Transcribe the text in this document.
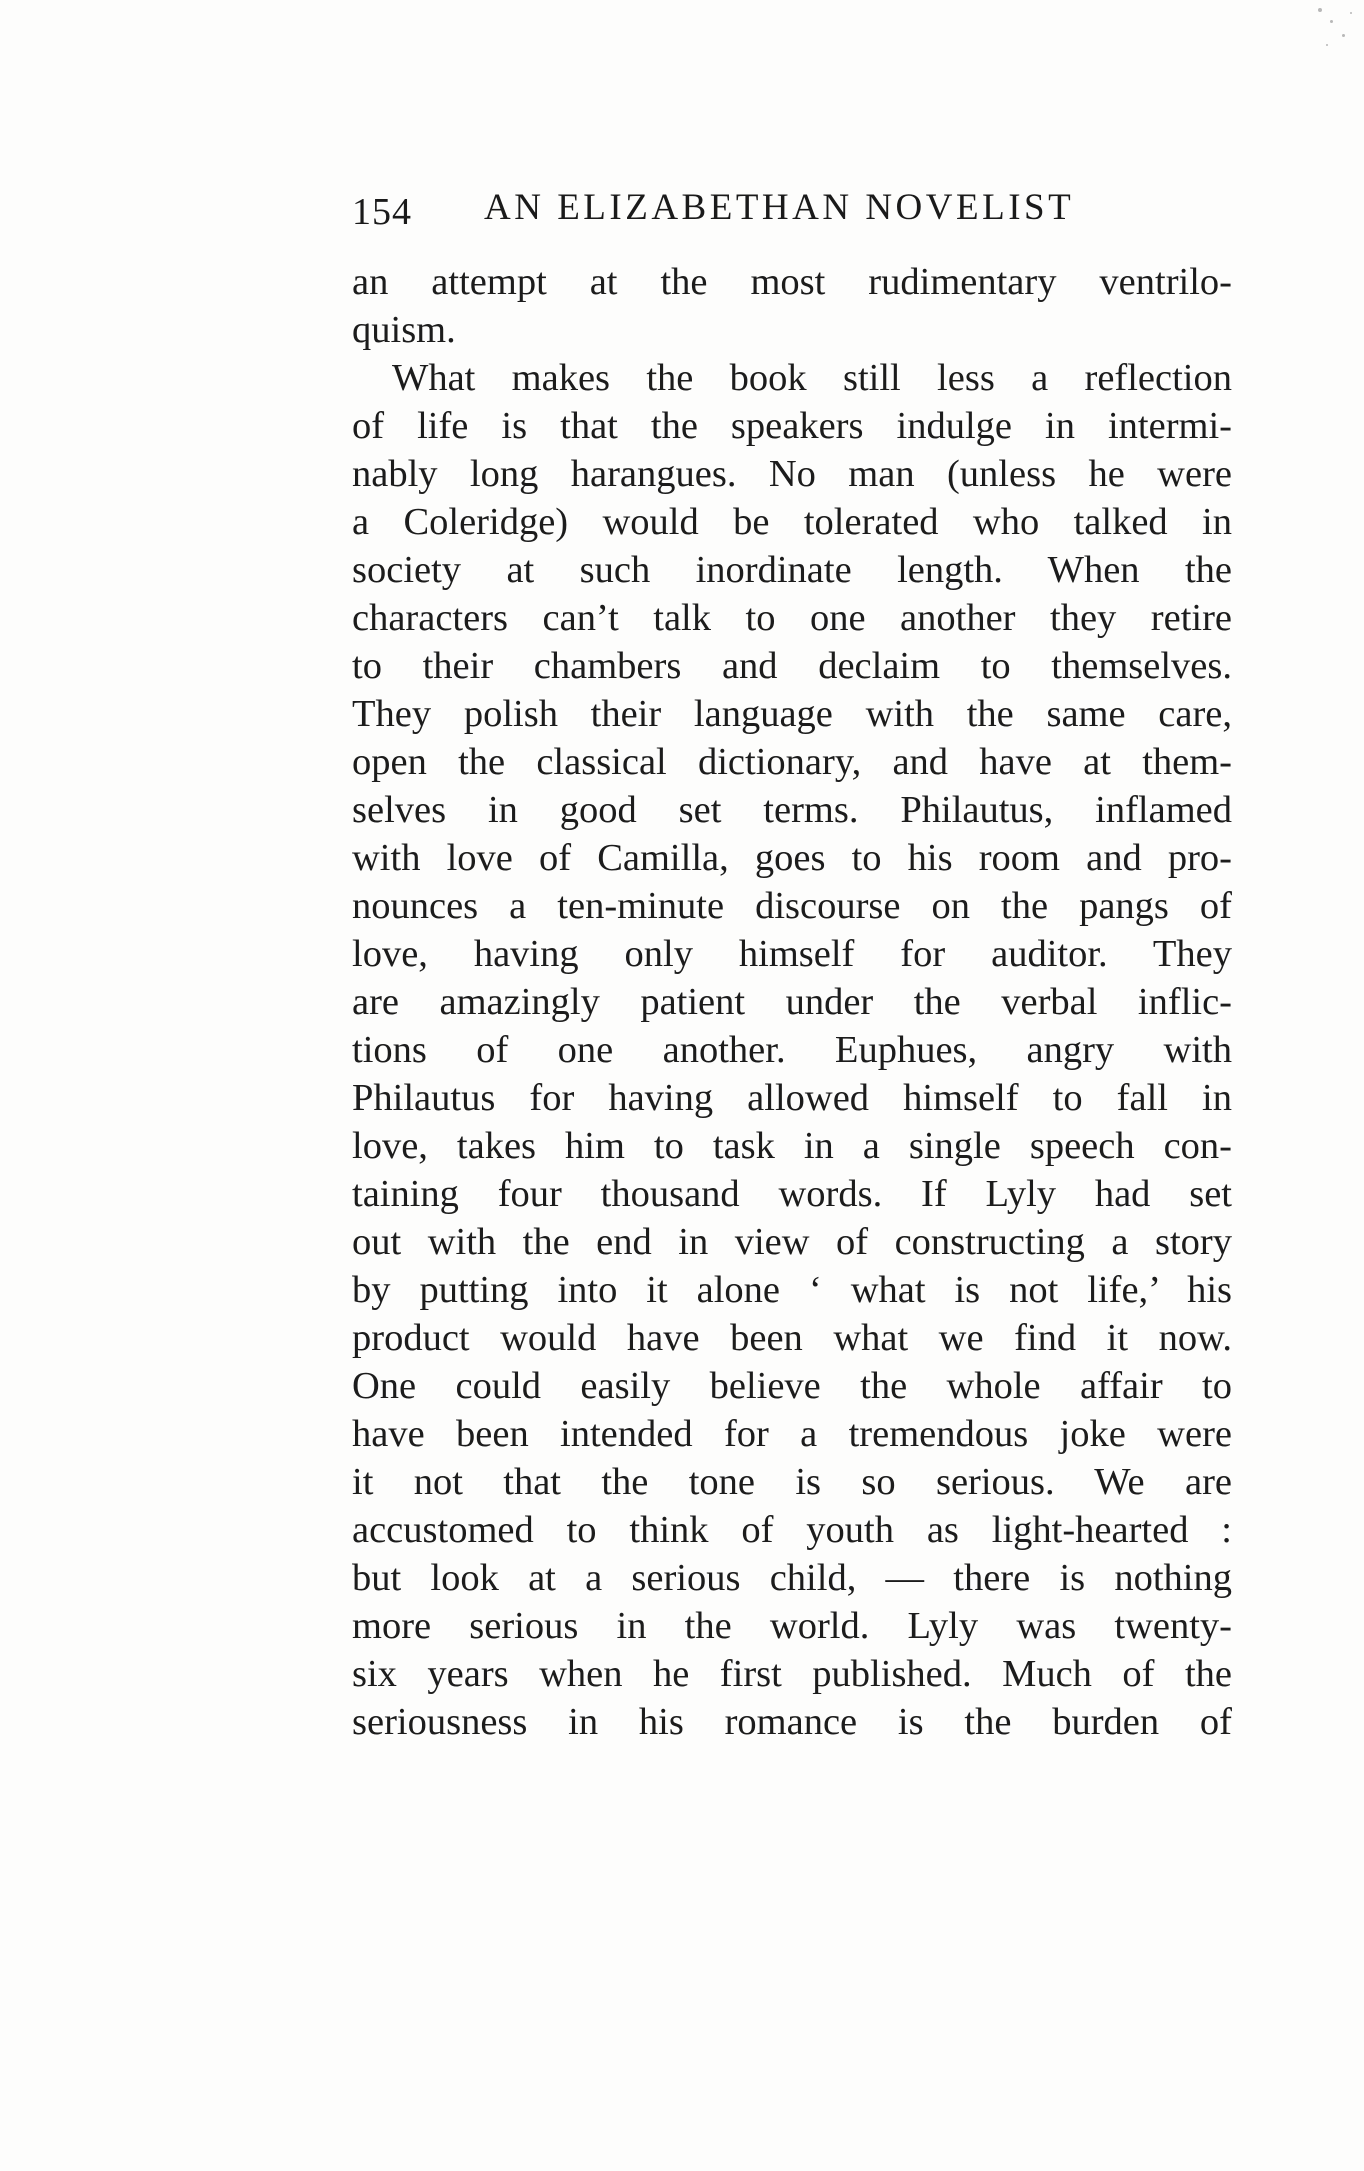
154 AN ELIZABETHAN NOVELIST
an attempt at the most rudimentary ventrilo-
quism.
What makes the book still less a reflection
of life is that the speakers indulge in intermi-
nably long harangues. No man (unless he were
a Coleridge) would be tolerated who talked in
society at such inordinate length. When the
characters can’t talk to one another they retire
to their chambers and declaim to themselves.
They polish their language with the same care,
open the classical dictionary, and have at them-
selves in good set terms. Philautus, inflamed
with love of Camilla, goes to his room and pro-
nounces a ten-minute discourse on the pangs of
love, having only himself for auditor. They
are amazingly patient under the verbal inflic-
tions of one another. Euphues, angry with
Philautus for having allowed himself to fall in
love, takes him to task in a single speech con-
taining four thousand words. If Lyly had set
out with the end in view of constructing a story
by putting into it alone ‘ what is not life,’ his
product would have been what we find it now.
One could easily believe the whole affair to
have been intended for a tremendous joke were
it not that the tone is so serious. We are
accustomed to think of youth as light-hearted :
but look at a serious child, — there is nothing
more serious in the world. Lyly was twenty-
six years when he first published. Much of the
seriousness in his romance is the burden of
